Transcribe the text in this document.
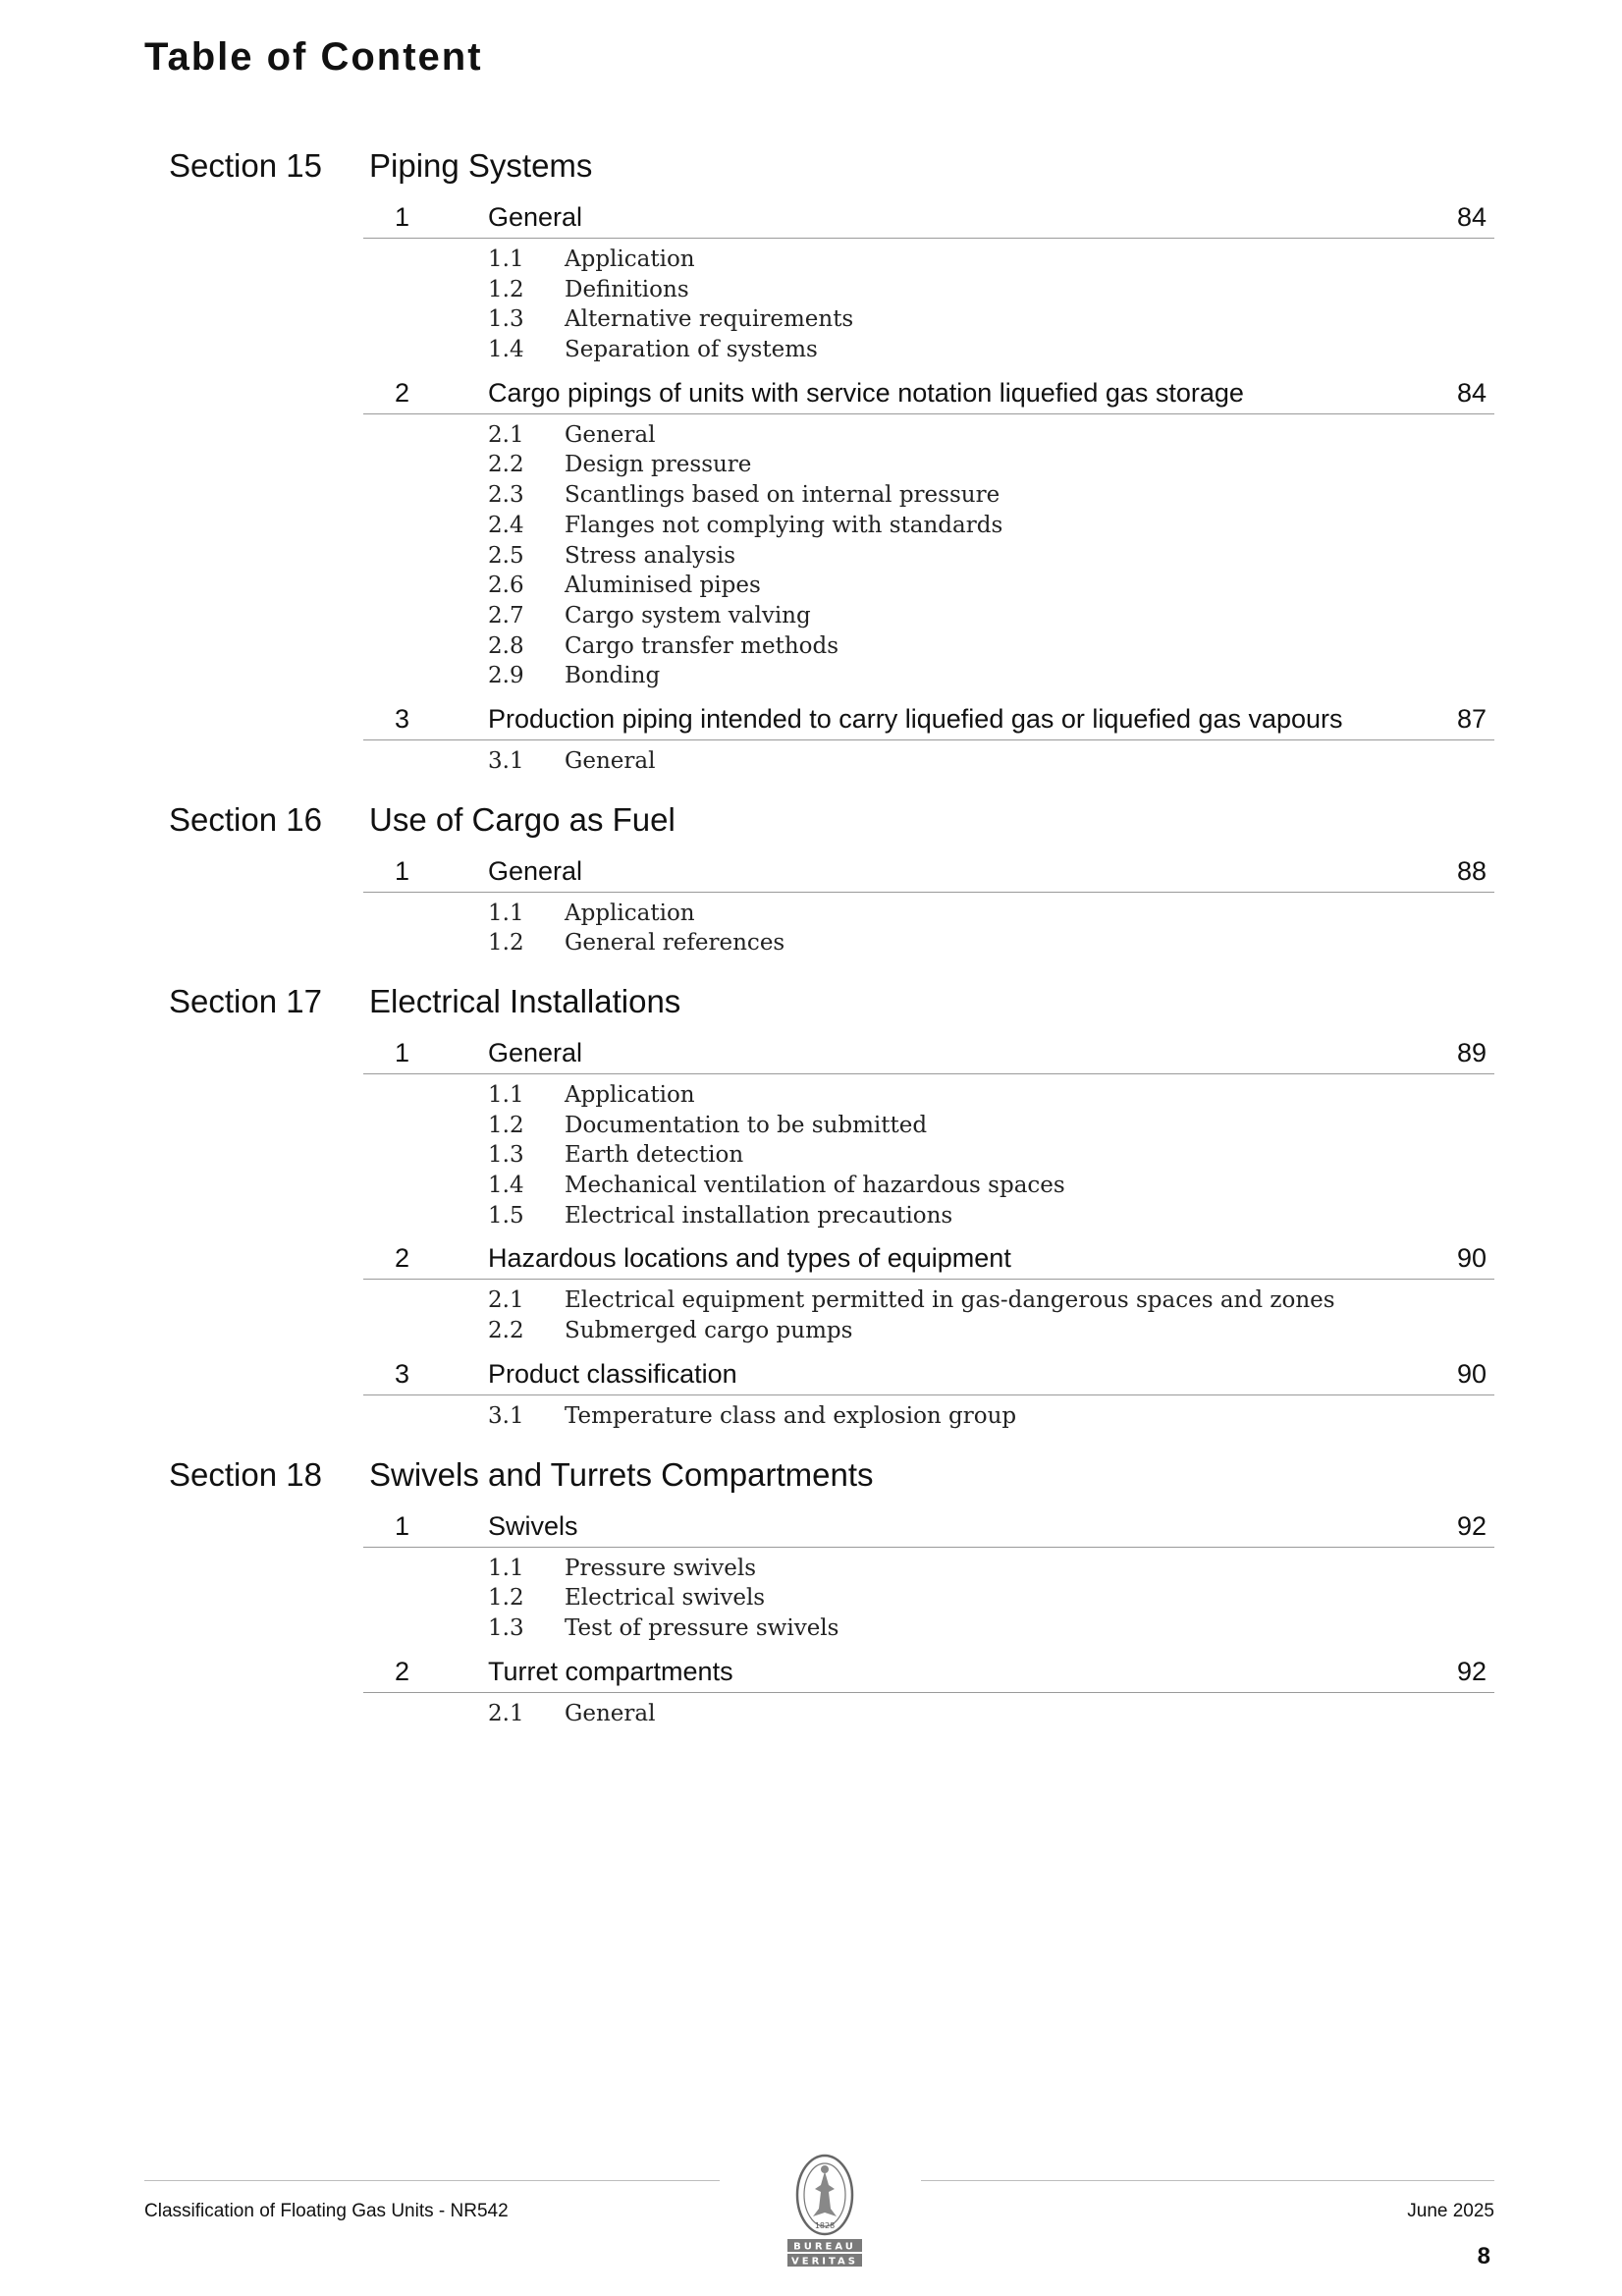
Table of Content
Section 15 Piping Systems
1	General	84
1.1 Application
1.2 Definitions
1.3 Alternative requirements
1.4 Separation of systems
2	Cargo pipings of units with service notation liquefied gas storage	84
2.1 General
2.2 Design pressure
2.3 Scantlings based on internal pressure
2.4 Flanges not complying with standards
2.5 Stress analysis
2.6 Aluminised pipes
2.7 Cargo system valving
2.8 Cargo transfer methods
2.9 Bonding
3	Production piping intended to carry liquefied gas or liquefied gas vapours	87
3.1 General
Section 16 Use of Cargo as Fuel
1	General	88
1.1 Application
1.2 General references
Section 17 Electrical Installations
1	General	89
1.1 Application
1.2 Documentation to be submitted
1.3 Earth detection
1.4 Mechanical ventilation of hazardous spaces
1.5 Electrical installation precautions
2	Hazardous locations and types of equipment	90
2.1 Electrical equipment permitted in gas-dangerous spaces and zones
2.2 Submerged cargo pumps
3	Product classification	90
3.1 Temperature class and explosion group
Section 18 Swivels and Turrets Compartments
1	Swivels	92
1.1 Pressure swivels
1.2 Electrical swivels
1.3 Test of pressure swivels
2	Turret compartments	92
2.1 General
1828
BUREAU
VERITAS
Classification of Floating Gas Units - NR542	June 2025
8
